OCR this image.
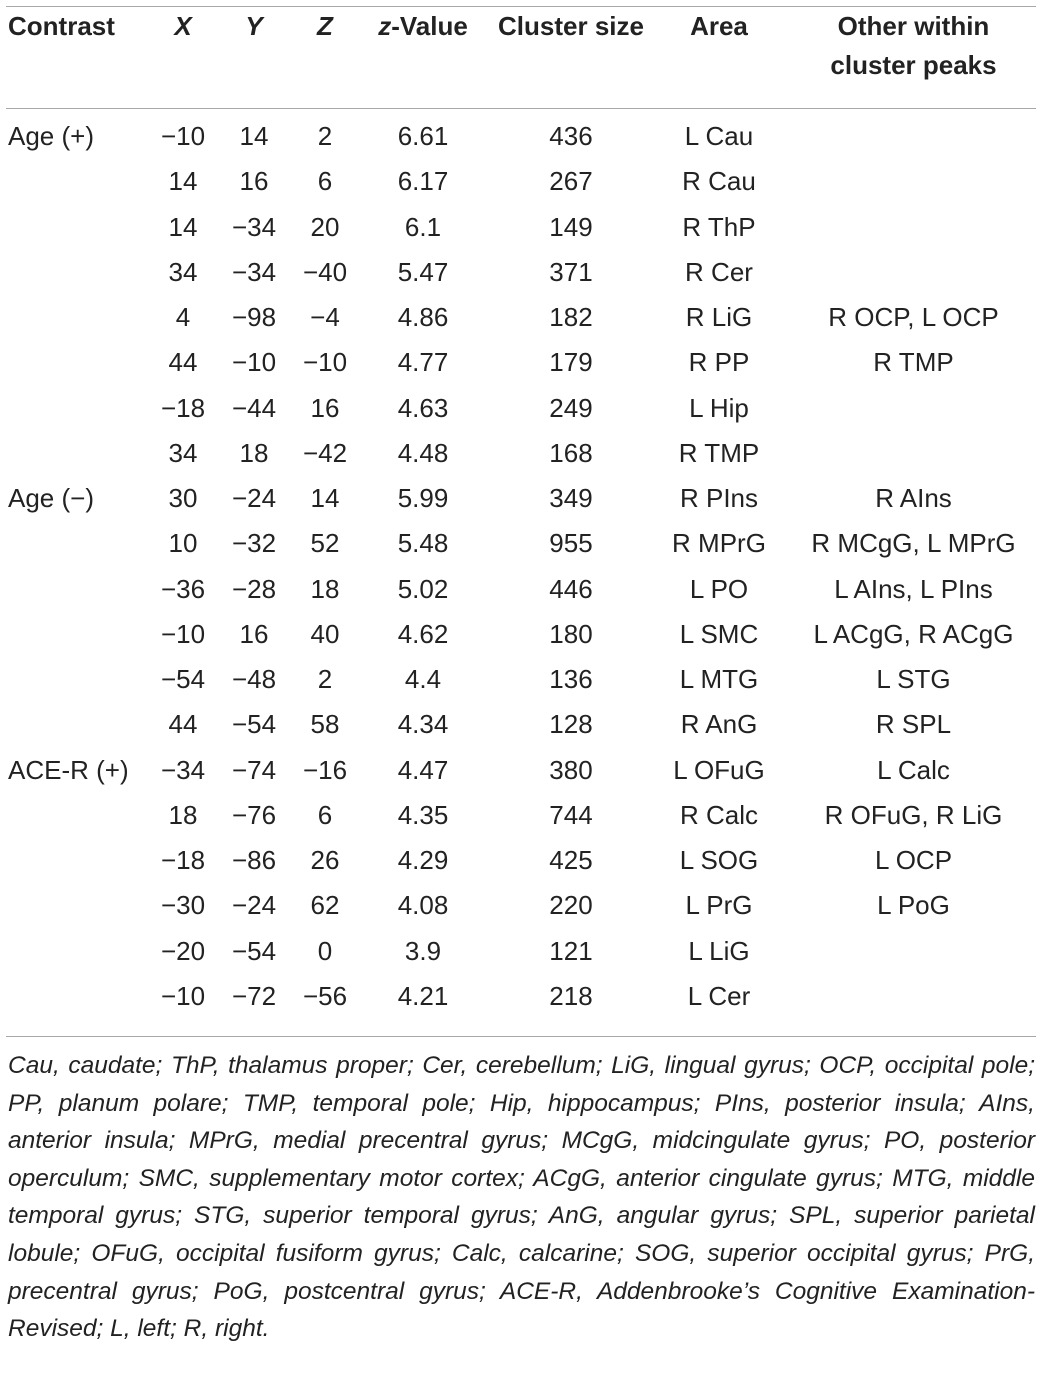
Contrast	X	Y	Z	z-Value	Cluster size	Area	Other within
cluster peaks
Age (+)	−10	14	2	6.61	436	L Cau	
	14	16	6	6.17	267	R Cau	
	14	−34	20	6.1	149	R ThP	
	34	−34	−40	5.47	371	R Cer	
	4	−98	−4	4.86	182	R LiG	R OCP, L OCP
	44	−10	−10	4.77	179	R PP	R TMP
	−18	−44	16	4.63	249	L Hip	
	34	18	−42	4.48	168	R TMP	
Age (−)	30	−24	14	5.99	349	R PIns	R AIns
	10	−32	52	5.48	955	R MPrG	R MCgG, L MPrG
	−36	−28	18	5.02	446	L PO	L AIns, L PIns
	−10	16	40	4.62	180	L SMC	L ACgG, R ACgG
	−54	−48	2	4.4	136	L MTG	L STG
	44	−54	58	4.34	128	R AnG	R SPL
ACE-R (+)	−34	−74	−16	4.47	380	L OFuG	L Calc
	18	−76	6	4.35	744	R Calc	R OFuG, R LiG
	−18	−86	26	4.29	425	L SOG	L OCP
	−30	−24	62	4.08	220	L PrG	L PoG
	−20	−54	0	3.9	121	L LiG	
	−10	−72	−56	4.21	218	L Cer	
Cau, caudate; ThP, thalamus proper; Cer, cerebellum; LiG, lingual gyrus; OCP, occipital pole; PP, planum polare; TMP, temporal pole; Hip, hippocampus; PIns, posterior insula; AIns, anterior insula; MPrG, medial precentral gyrus; MCgG, midcingulate gyrus; PO, posterior operculum; SMC, supplementary motor cortex; ACgG, anterior cingulate gyrus; MTG, middle temporal gyrus; STG, superior temporal gyrus; AnG, angular gyrus; SPL, superior parietal lobule; OFuG, occipital fusiform gyrus; Calc, calcarine; SOG, superior occipital gyrus; PrG, precentral gyrus; PoG, postcentral gyrus; ACE-R, Addenbrooke’s Cognitive Examination-Revised; L, left; R, right.
